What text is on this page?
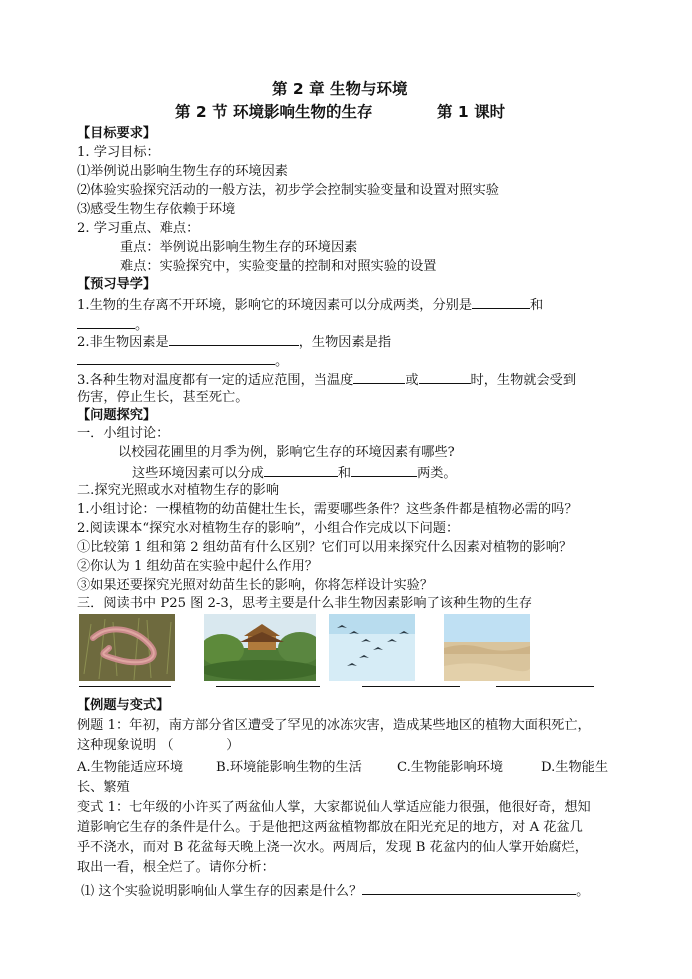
第 2 章 生物与环境
第 2 节 环境影响生物的生存	第 1 课时
【目标要求】
1. 学习目标：
⑴举例说出影响生物生存的环境因素
⑵体验实验探究活动的一般方法，初步学会控制实验变量和设置对照实验
⑶感受生物生存依赖于环境
2. 学习重点、难点：
重点：举例说出影响生物生存的环境因素
难点：实验探究中，实验变量的控制和对照实验的设置
【预习导学】
1.生物的生存离不开环境，影响它的环境因素可以分成两类，分别是	和
。
2.非生物因素是	，生物因素是指
。
3.各种生物对温度都有一定的适应范围，当温度	或	时，生物就会受到
伤害，停止生长，甚至死亡。
【问题探究】
一．小组讨论：
以校园花圃里的月季为例，影响它生存的环境因素有哪些?
这些环境因素可以分成	和	两类。
二.探究光照或水对植物生存的影响
1.小组讨论：一棵植物的幼苗健壮生长，需要哪些条件？这些条件都是植物必需的吗？
2.阅读课本“探究水对植物生存的影响”，小组合作完成以下问题：
①比较第 1 组和第 2 组幼苗有什么区别？它们可以用来探究什么因素对植物的影响？
②你认为 1 组幼苗在实验中起什么作用？
③如果还要探究光照对幼苗生长的影响，你将怎样设计实验？
三．阅读书中 P25 图 2-3，思考主要是什么非生物因素影响了该种生物的生存
【例题与变式】
例题 1：年初，南方部分省区遭受了罕见的冰冻灾害，造成某些地区的植物大面积死亡，
这种现象说明 （　　　　）
A.生物能适应环境 B.环境能影响生物的生活	C.生物能影响环境	D.生物能生
长、繁殖
变式 1：七年级的小许买了两盆仙人掌，大家都说仙人掌适应能力很强，他很好奇，想知
道影响它生存的条件是什么。于是他把这两盆植物都放在阳光充足的地方，对 A 花盆几
乎不浇水，而对 B 花盆每天晚上浇一次水。两周后，发现 B 花盆内的仙人掌开始腐烂，
取出一看，根全烂了。请你分析：
⑴ 这个实验说明影响仙人掌生存的因素是什么？	。
